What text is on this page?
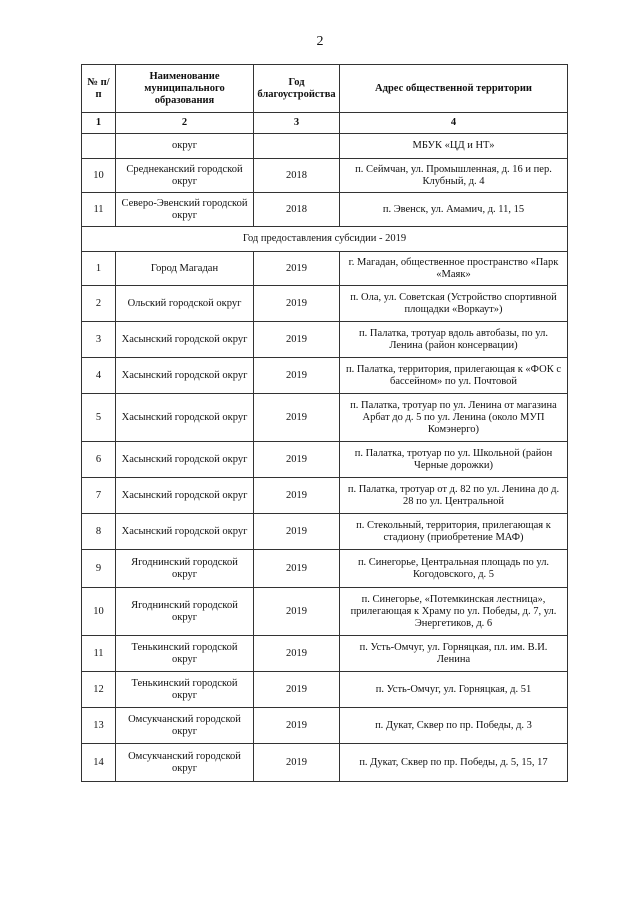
2
№ п/п	Наименование муниципального образования	Год благоустройства	Адрес общественной территории
1	2	3	4
	округ		МБУК «ЦД и НТ»
10	Среднеканский городской округ	2018	п. Сеймчан, ул. Промышленная, д. 16 и пер. Клубный, д. 4
11	Северо-Эвенский городской округ	2018	п. Эвенск, ул. Амамич, д. 11, 15
Год предоставления субсидии - 2019			
1	Город Магадан	2019	г. Магадан, общественное пространство «Парк «Маяк»
2	Ольский городской округ	2019	п. Ола, ул. Советская (Устройство спортивной площадки «Воркаут»)
3	Хасынский городской округ	2019	п. Палатка, тротуар вдоль автобазы, по ул. Ленина (район консервации)
4	Хасынский городской округ	2019	п. Палатка, территория, прилегающая к «ФОК с бассейном» по ул. Почтовой
5	Хасынский городской округ	2019	п. Палатка, тротуар по ул. Ленина от магазина Арбат до д. 5 по ул. Ленина (около МУП Комэнерго)
6	Хасынский городской округ	2019	п. Палатка, тротуар по ул. Школьной (район Черные дорожки)
7	Хасынский городской округ	2019	п. Палатка, тротуар от д. 82 по ул. Ленина до д. 28 по ул. Центральной
8	Хасынский городской округ	2019	п. Стекольный, территория, прилегающая к стадиону (приобретение МАФ)
9	Ягоднинский городской округ	2019	п. Синегорье, Центральная площадь по ул. Когодовского, д. 5
10	Ягоднинский городской округ	2019	п. Синегорье, «Потемкинская лестница», прилегающая к Храму по ул. Победы, д. 7, ул. Энергетиков, д. 6
11	Тенькинский городской округ	2019	п. Усть-Омчуг, ул. Горняцкая, пл. им. В.И. Ленина
12	Тенькинский городской округ	2019	п. Усть-Омчуг, ул. Горняцкая, д. 51
13	Омсукчанский городской округ	2019	п. Дукат, Сквер по пр. Победы, д. 3
14	Омсукчанский городской округ	2019	п. Дукат, Сквер по пр. Победы, д. 5, 15, 17
